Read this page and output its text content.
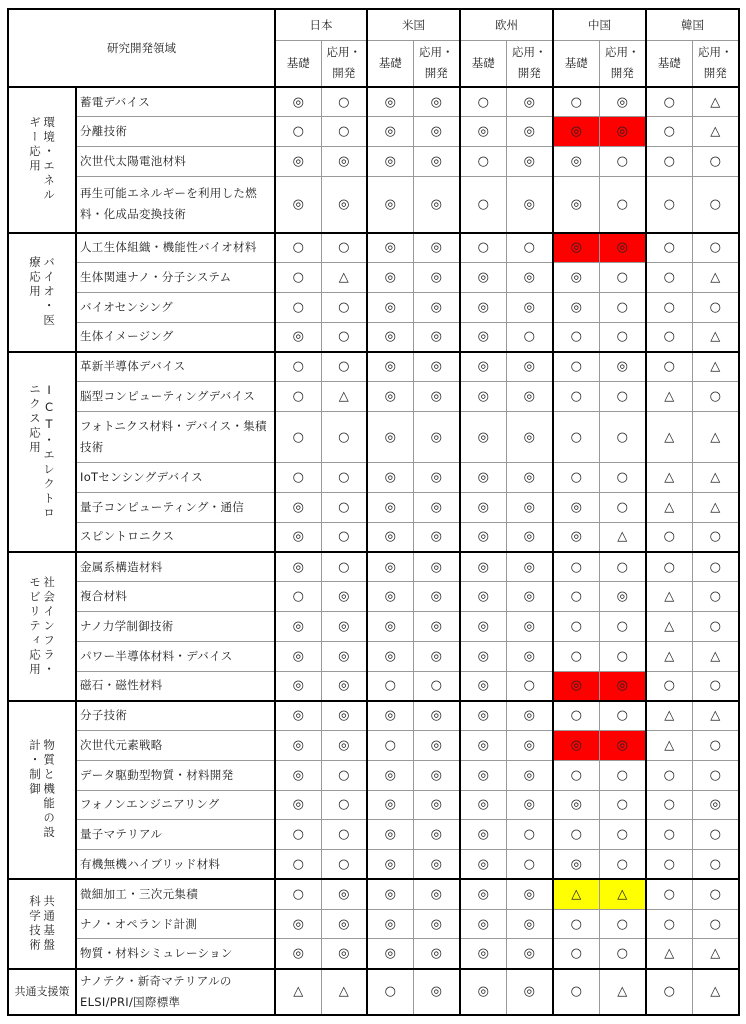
研究開発領域		日本		米国		欧州		中国		韓国	
		基礎	応用・開発	基礎	応用・開発	基礎	応用・開発	基礎	応用・開発	基礎	応用・開発

環境・エネル
ギー応用	蓄電デバイス	◎	○	◎	◎	○	◎	○	◎	○	△
	分離技術	○	○	◎	◎	◎	◎	◎	◎	○	△
	次世代太陽電池材料	◎	◎	◎	◎	○	◎	◎	○	○	○
	再生可能エネルギーを利用した燃料・化成品変換技術	◎	◎	◎	◎	○	◎	◎	○	○	○

バイオ・医
療応用	人工生体組織・機能性バイオ材料	○	○	◎	◎	○	○	◎	◎	○	○
	生体関連ナノ・分子システム	○	△	◎	◎	◎	◎	◎	○	○	△
	バイオセンシング	○	○	◎	◎	◎	◎	◎	○	○	○
	生体イメージング	◎	○	◎	◎	◎	○	○	○	○	△

ICT・エレクトロ
ニクス応用	革新半導体デバイス	○	○	◎	◎	◎	◎	○	◎	○	△
	脳型コンピューティングデバイス	○	△	◎	◎	◎	◎	○	○	△	○
	フォトニクス材料・デバイス・集積技術	○	○	◎	◎	◎	◎	○	○	△	△
	IoTセンシングデバイス	○	○	◎	◎	◎	◎	○	○	△	△
	量子コンピューティング・通信	◎	○	◎	◎	◎	◎	◎	○	△	△
	スピントロニクス	◎	○	◎	◎	◎	◎	◎	△	○	○

社会インフラ・
モビリティ応用	金属系構造材料	◎	○	◎	◎	◎	◎	○	○	○	○
	複合材料	○	◎	◎	◎	◎	◎	○	◎	△	○
	ナノ力学制御技術	◎	◎	◎	◎	◎	◎	○	○	△	○
	パワー半導体材料・デバイス	◎	◎	◎	◎	◎	◎	○	○	△	△
	磁石・磁性材料	◎	◎	○	○	◎	○	◎	◎	○	○

物質と機能の設
計・制御	分子技術	◎	◎	◎	◎	◎	◎	○	○	△	△
	次世代元素戦略	◎	◎	○	◎	◎	◎	◎	◎	△	○
	データ駆動型物質・材料開発	◎	○	◎	◎	◎	◎	○	○	○	○
	フォノンエンジニアリング	◎	○	◎	◎	◎	◎	◎	○	○	◎
	量子マテリアル	○	○	◎	◎	◎	○	○	○	○	○
	有機無機ハイブリッド材料	○	○	◎	◎	◎	○	◎	○	○	○

共通基盤
科学技術	微細加工・三次元集積	○	◎	◎	◎	◎	◎	△	△	○	○
	ナノ・オペランド計測	◎	◎	◎	◎	◎	◎	○	○	○	○
	物質・材料シミュレーション	◎	◎	◎	◎	◎	◎	○	○	△	△
共通支援策	ナノテク・新奇マテリアルのELSI/PRI/国際標準	△	△	○	◎	◎	◎	○	△	○	△
